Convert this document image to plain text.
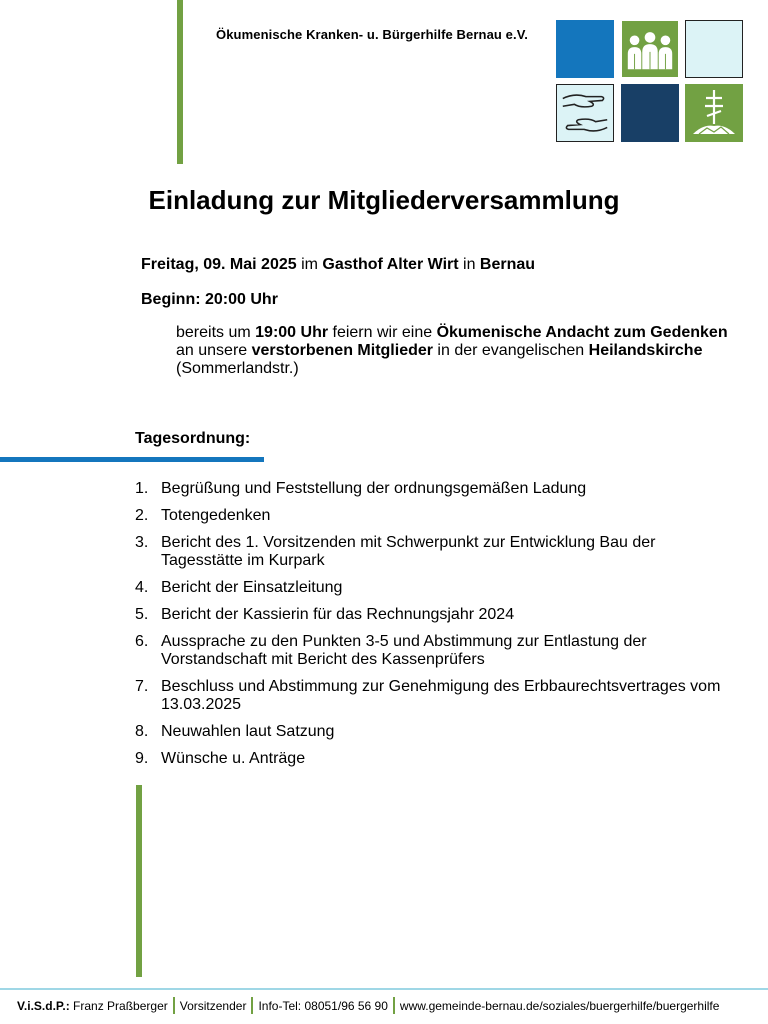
Ökumenische Kranken- u. Bürgerhilfe Bernau e.V.
Einladung zur Mitgliederversammlung
Freitag, 09. Mai 2025 im Gasthof Alter Wirt in Bernau
Beginn: 20:00 Uhr
bereits um 19:00 Uhr feiern wir eine Ökumenische Andacht zum Gedenken an unsere verstorbenen Mitglieder in der evangelischen Heilandskirche (Sommerlandstr.)
Tagesordnung:
1. Begrüßung und Feststellung der ordnungsgemäßen Ladung
2. Totengedenken
3. Bericht des 1. Vorsitzenden mit Schwerpunkt zur Entwicklung Bau der Tagesstätte im Kurpark
4. Bericht der Einsatzleitung
5. Bericht der Kassierin für das Rechnungsjahr 2024
6. Aussprache zu den Punkten 3-5 und Abstimmung zur Entlastung der Vorstandschaft mit Bericht des Kassenprüfers
7. Beschluss und Abstimmung zur Genehmigung des Erbbaurechtsvertrages vom 13.03.2025
8. Neuwahlen laut Satzung
9. Wünsche u. Anträge
V.i.S.d.P.:
Franz Praßberger Vorsitzender Info-Tel:
08051/96 56 90 www.gemeinde-bernau.de/soziales/buergerhilfe/buergerhilfe
